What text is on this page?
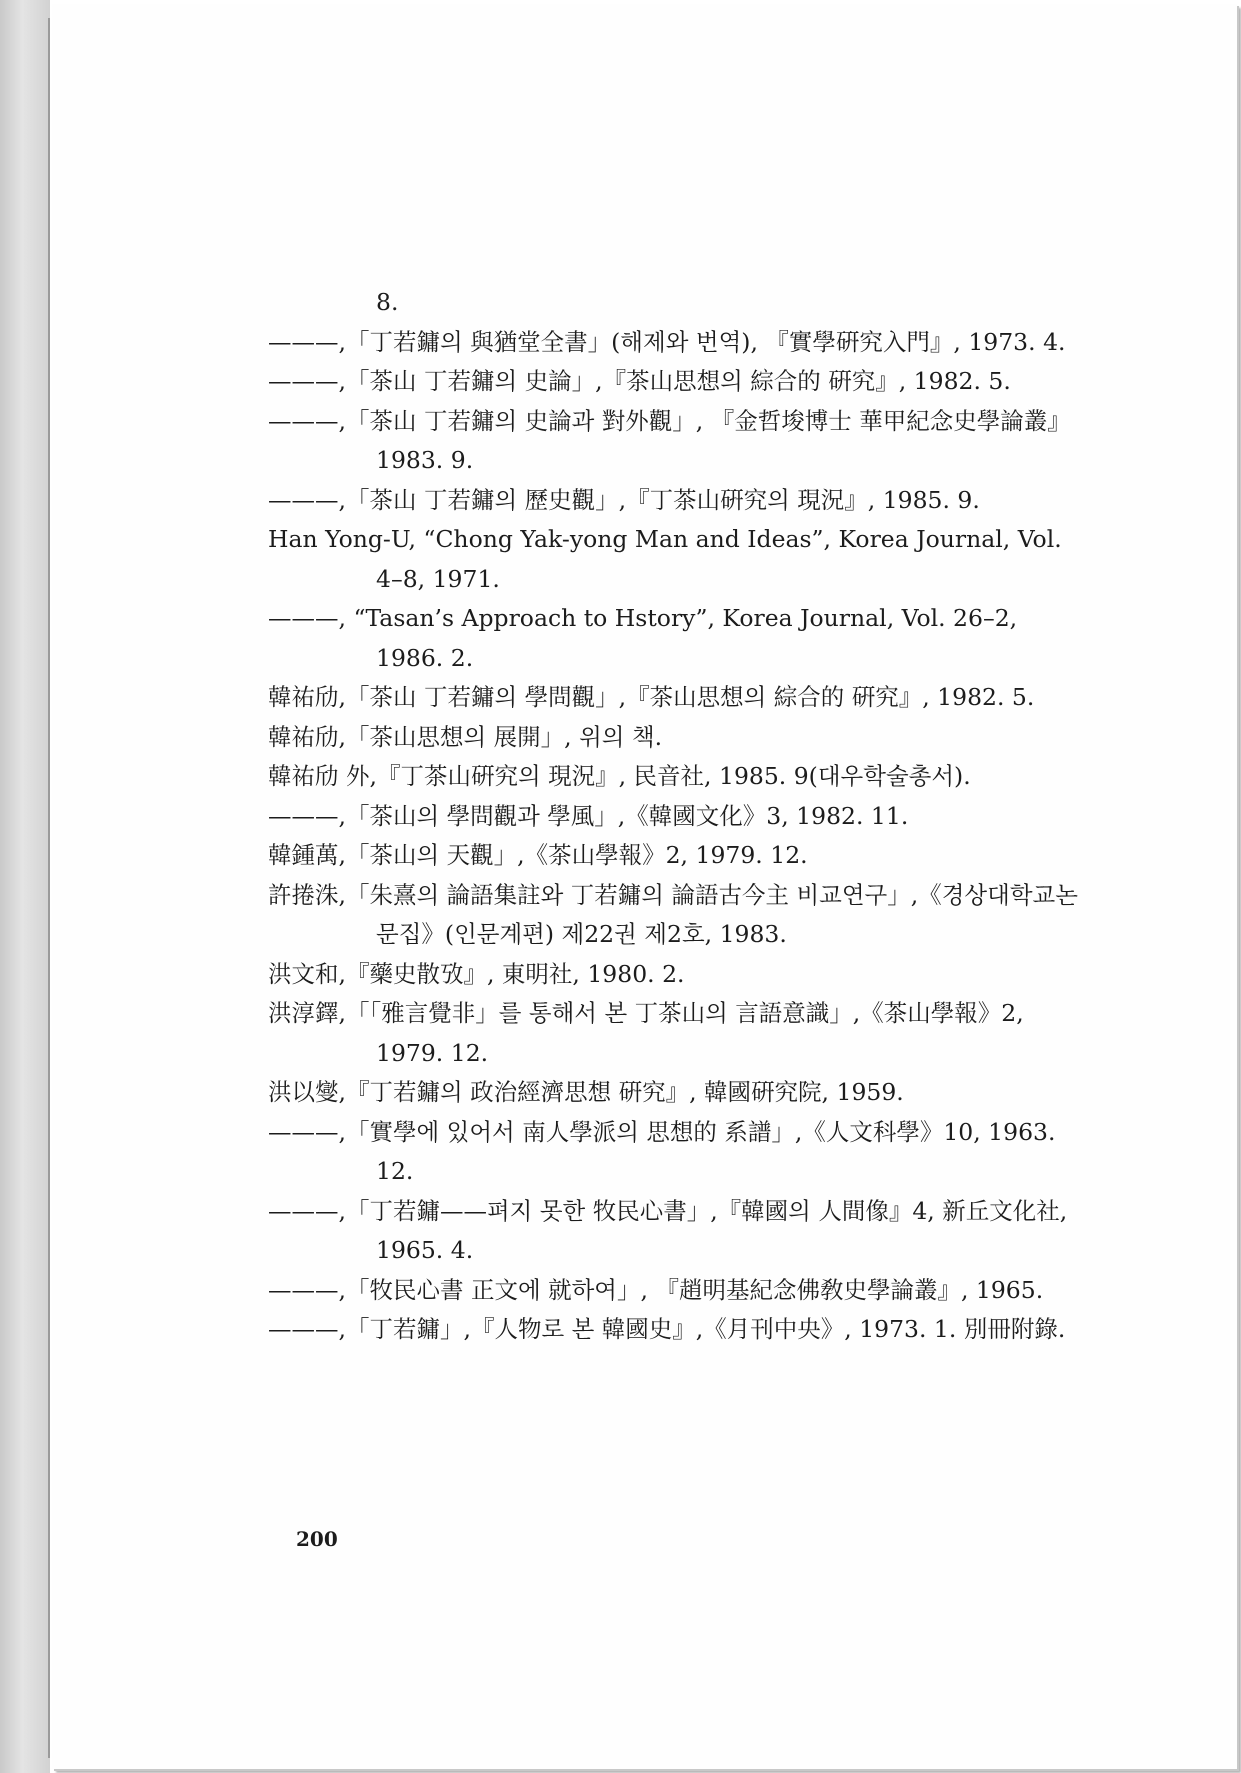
8.
———,「丁若鏞의 與猶堂全書」(해제와 번역), 『實學硏究入門』, 1973. 4.
———,「茶山 丁若鏞의 史論」,『茶山思想의 綜合的 硏究』, 1982. 5.
———,「茶山 丁若鏞의 史論과 對外觀」, 『金哲埈博士 華甲紀念史學論叢』 1983. 9.
———,「茶山 丁若鏞의 歷史觀」,『丁茶山硏究의 現況』, 1985. 9.
Han Yong-U, “Chong Yak-yong Man and Ideas”, Korea Journal, Vol. 4–8, 1971.
———, “Tasan’s Approach to Hstory”, Korea Journal, Vol. 26–2, 1986. 2.
韓祐劤,「茶山 丁若鏞의 學問觀」,『茶山思想의 綜合的 硏究』, 1982. 5.
韓祐劤,「茶山思想의 展開」, 위의 책.
韓祐劤 外,『丁茶山硏究의 現況』, 民音社, 1985. 9(대우학술총서).
———,「茶山의 學問觀과 學風」,《韓國文化》3, 1982. 11.
韓鍾萬,「茶山의 天觀」,《茶山學報》2, 1979. 12.
許捲洙,「朱熹의 論語集註와 丁若鏞의 論語古今主 비교연구」,《경상대학교논문집》(인문계편) 제22권 제2호, 1983.
洪文和,『藥史散攷』, 東明社, 1980. 2.
洪淳鐸,「「雅言覺非」를 통해서 본 丁茶山의 言語意識」,《茶山學報》2, 1979. 12.
洪以燮,『丁若鏞의 政治經濟思想 硏究』, 韓國硏究院, 1959.
———,「實學에 있어서 南人學派의 思想的 系譜」,《人文科學》10, 1963. 12.
———,「丁若鏞——펴지 못한 牧民心書」,『韓國의 人間像』4, 新丘文化社, 1965. 4.
———,「牧民心書 正文에 就하여」, 『趙明基紀念佛敎史學論叢』, 1965.
———,「丁若鏞」,『人物로 본 韓國史』,《月刊中央》, 1973. 1. 別冊附錄.
200
